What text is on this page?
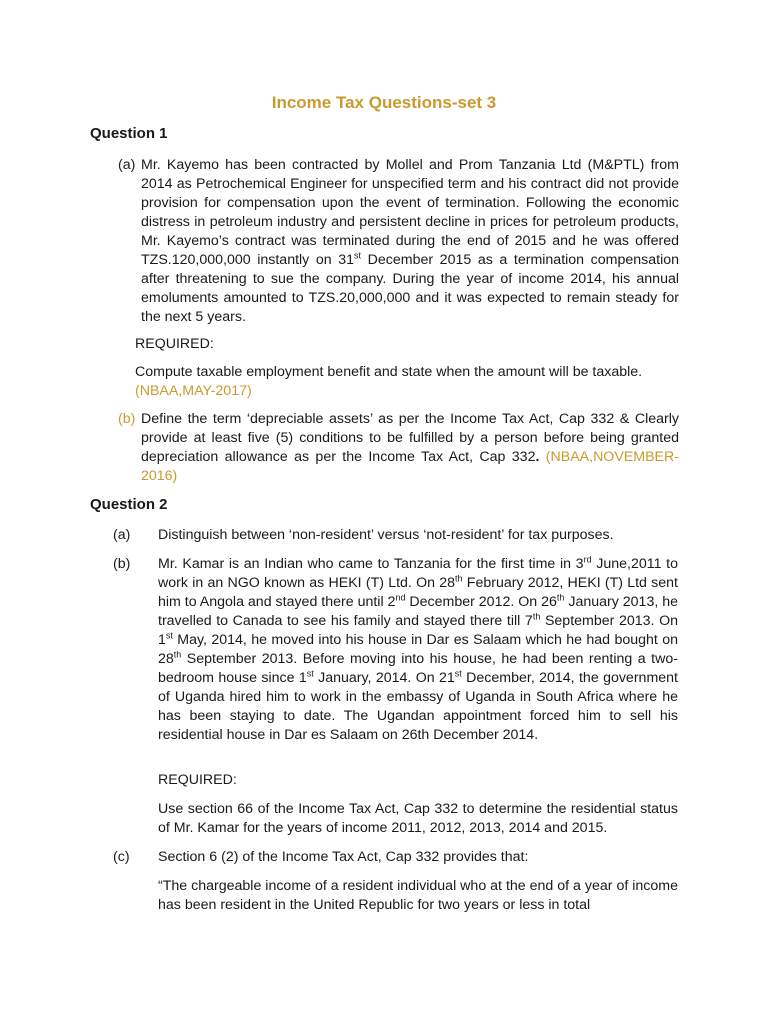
Income Tax Questions-set 3
Question 1
(a) Mr. Kayemo has been contracted by Mollel and Prom Tanzania Ltd (M&PTL) from 2014 as Petrochemical Engineer for unspecified term and his contract did not provide provision for compensation upon the event of termination. Following the economic distress in petroleum industry and persistent decline in prices for petroleum products, Mr. Kayemo’s contract was terminated during the end of 2015 and he was offered TZS.120,000,000 instantly on 31st December 2015 as a termination compensation after threatening to sue the company. During the year of income 2014, his annual emoluments amounted to TZS.20,000,000 and it was expected to remain steady for the next 5 years.
REQUIRED:
Compute taxable employment benefit and state when the amount will be taxable.
(NBAA,MAY-2017)
(b) Define the term ‘depreciable assets’ as per the Income Tax Act, Cap 332 & Clearly provide at least five (5) conditions to be fulfilled by a person before being granted depreciation allowance as per the Income Tax Act, Cap 332. (NBAA,NOVEMBER-2016)
Question 2
(a) Distinguish between ‘non-resident’ versus ‘not-resident’ for tax purposes.
(b) Mr. Kamar is an Indian who came to Tanzania for the first time in 3rd June,2011 to work in an NGO known as HEKI (T) Ltd. On 28th February 2012, HEKI (T) Ltd sent him to Angola and stayed there until 2nd December 2012. On 26th January 2013, he travelled to Canada to see his family and stayed there till 7th September 2013. On 1st May, 2014, he moved into his house in Dar es Salaam which he had bought on 28th September 2013. Before moving into his house, he had been renting a two-bedroom house since 1st January, 2014. On 21st December, 2014, the government of Uganda hired him to work in the embassy of Uganda in South Africa where he has been staying to date. The Ugandan appointment forced him to sell his residential house in Dar es Salaam on 26th December 2014.
REQUIRED:
Use section 66 of the Income Tax Act, Cap 332 to determine the residential status of Mr. Kamar for the years of income 2011, 2012, 2013, 2014 and 2015.
(c) Section 6 (2) of the Income Tax Act, Cap 332 provides that:
“The chargeable income of a resident individual who at the end of a year of income has been resident in the United Republic for two years or less in total
